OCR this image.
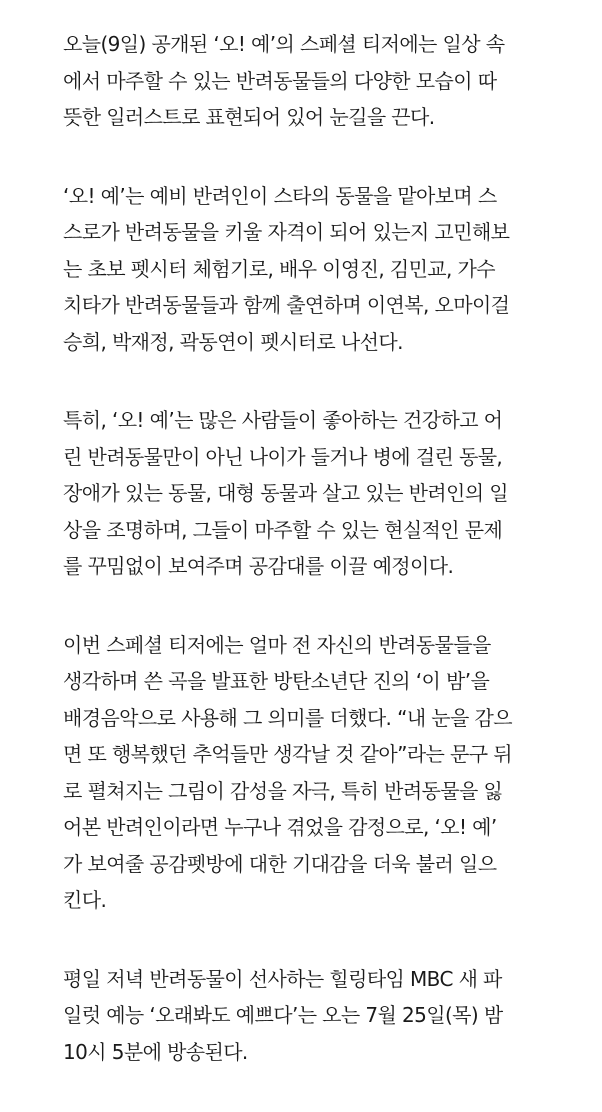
오늘(9일) 공개된 ‘오! 예’의 스페셜 티저에는 일상 속
에서 마주할 수 있는 반려동물들의 다양한 모습이 따
뜻한 일러스트로 표현되어 있어 눈길을 끈다.
‘오! 예’는 예비 반려인이 스타의 동물을 맡아보며 스
스로가 반려동물을 키울 자격이 되어 있는지 고민해보
는 초보 펫시터 체험기로, 배우 이영진, 김민교, 가수
치타가 반려동물들과 함께 출연하며 이연복, 오마이걸
승희, 박재정, 곽동연이 펫시터로 나선다.
특히, ‘오! 예’는 많은 사람들이 좋아하는 건강하고 어
린 반려동물만이 아닌 나이가 들거나 병에 걸린 동물,
장애가 있는 동물, 대형 동물과 살고 있는 반려인의 일
상을 조명하며, 그들이 마주할 수 있는 현실적인 문제
를 꾸밈없이 보여주며 공감대를 이끌 예정이다.
이번 스페셜 티저에는 얼마 전 자신의 반려동물들을
생각하며 쓴 곡을 발표한 방탄소년단 진의 ‘이 밤’을
배경음악으로 사용해 그 의미를 더했다. “내 눈을 감으
면 또 행복했던 추억들만 생각날 것 같아”라는 문구 뒤
로 펼쳐지는 그림이 감성을 자극, 특히 반려동물을 잃
어본 반려인이라면 누구나 겪었을 감정으로, ‘오! 예’
가 보여줄 공감펫방에 대한 기대감을 더욱 불러 일으
킨다.
평일 저녁 반려동물이 선사하는 힐링타임 MBC 새 파
일럿 예능 ‘오래봐도 예쁘다’는 오는 7월 25일(목) 밤
10시 5분에 방송된다.
